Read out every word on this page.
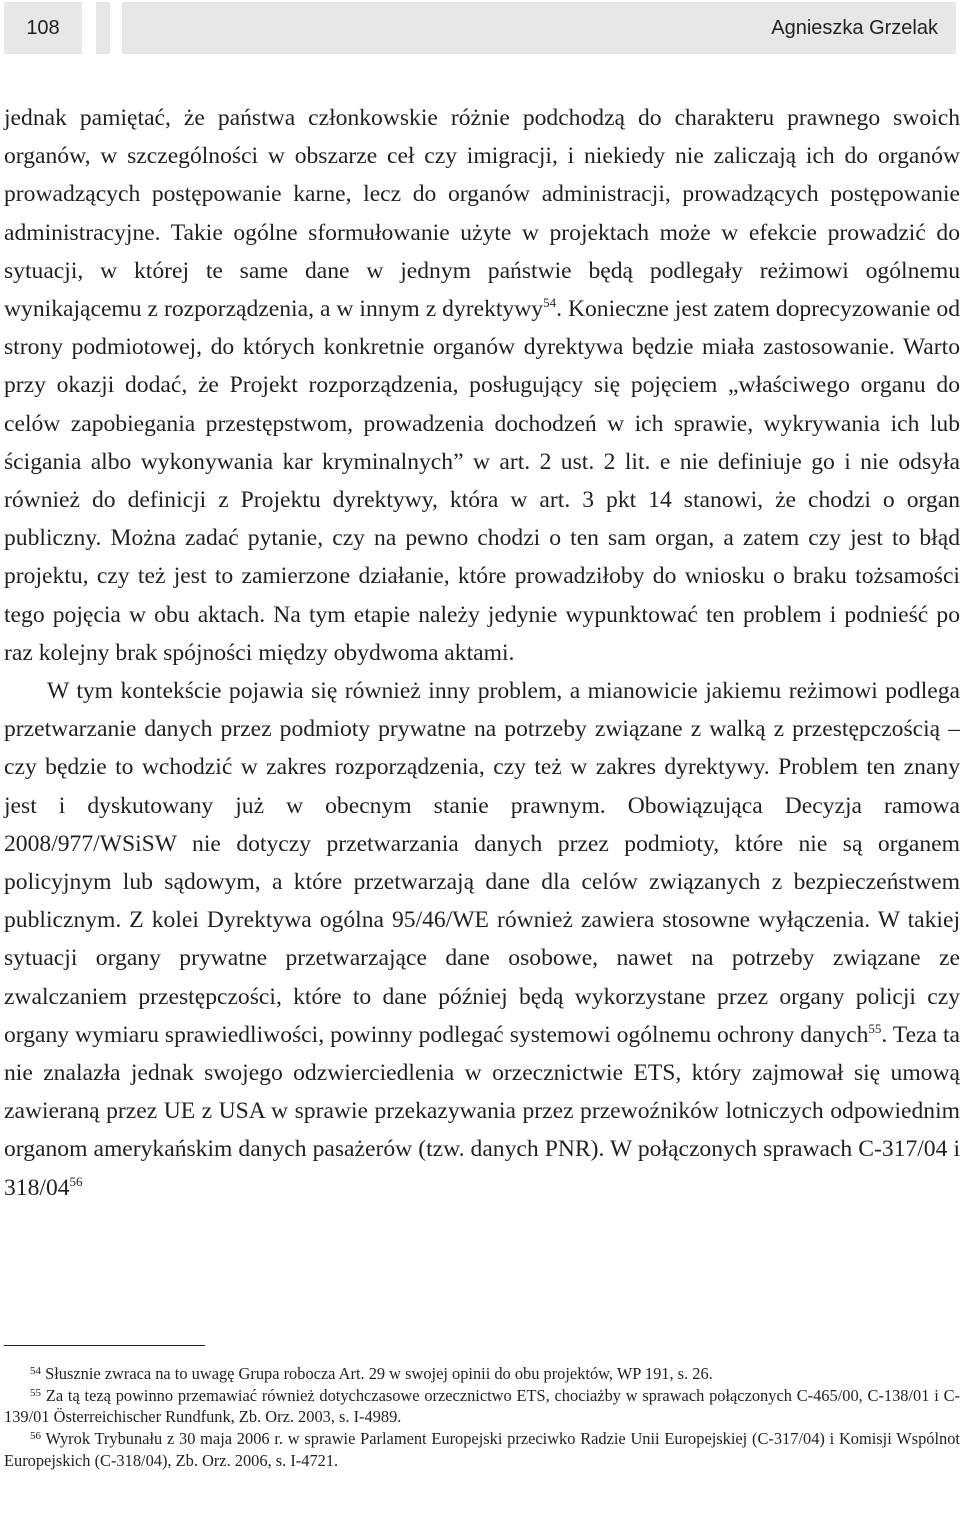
108	Agnieszka Grzelak

jednak pamiętać, że państwa członkowskie różnie podchodzą do charakteru prawnego swoich organów, w szczególności w obszarze ceł czy imigracji, i niekiedy nie zaliczają ich do organów prowadzących postępowanie karne, lecz do organów administracji, prowadzących postępowanie administracyjne. Takie ogólne sformułowanie użyte w projektach może w efekcie prowadzić do sytuacji, w której te same dane w jednym państwie będą podlegały reżimowi ogólnemu wynikającemu z rozporządzenia, a w innym z dyrektywy$^{54}$. Konieczne jest zatem doprecyzowanie od strony podmiotowej, do których konkretnie organów dyrektywa będzie miała zastosowanie. Warto przy okazji dodać, że Projekt rozporządzenia, posługujący się pojęciem „właściwego organu do celów zapobiegania przestępstwom, prowadzenia dochodzeń w ich sprawie, wykrywania ich lub ścigania albo wykonywania kar kryminalnych” w art. 2 ust. 2 lit. e nie definiuje go i nie odsyła również do definicji z Projektu dyrektywy, która w art. 3 pkt 14 stanowi, że chodzi o organ publiczny. Można zadać pytanie, czy na pewno chodzi o ten sam organ, a zatem czy jest to błąd projektu, czy też jest to zamierzone działanie, które prowadziłoby do wniosku o braku tożsamości tego pojęcia w obu aktach. Na tym etapie należy jedynie wypunktować ten problem i podnieść po raz kolejny brak spójności między obydwoma aktami.

W tym kontekście pojawia się również inny problem, a mianowicie jakiemu reżimowi podlega przetwarzanie danych przez podmioty prywatne na potrzeby związane z walką z przestępczością – czy będzie to wchodzić w zakres rozporządzenia, czy też w zakres dyrektywy. Problem ten znany jest i dyskutowany już w obecnym stanie prawnym. Obowiązująca Decyzja ramowa 2008/977/WSiSW nie dotyczy przetwarzania danych przez podmioty, które nie są organem policyjnym lub sądowym, a które przetwarzają dane dla celów związanych z bezpieczeństwem publicznym. Z kolei Dyrektywa ogólna 95/46/WE również zawiera stosowne wyłączenia. W takiej sytuacji organy prywatne przetwarzające dane osobowe, nawet na potrzeby związane ze zwalczaniem przestępczości, które to dane później będą wykorzystane przez organy policji czy organy wymiaru sprawiedliwości, powinny podlegać systemowi ogólnemu ochrony danych$^{55}$. Teza ta nie znalazła jednak swojego odzwierciedlenia w orzecznictwie ETS, który zajmował się umową zawieraną przez UE z USA w sprawie przekazywania przez przewoźników lotniczych odpowiednim organom amerykańskim danych pasażerów (tzw. danych PNR). W połączonych sprawach C-317/04 i 318/04$^{56}$

$^{54}$ Słusznie zwraca na to uwagę Grupa robocza Art. 29 w swojej opinii do obu projektów, WP 191, s. 26.

$^{55}$ Za tą tezą powinno przemawiać również dotychczasowe orzecznictwo ETS, chociażby w sprawach połączonych C-465/00, C-138/01 i C-139/01 Österreichischer Rundfunk, Zb. Orz. 2003, s. I-4989.

$^{56}$ Wyrok Trybunału z 30 maja 2006 r. w sprawie Parlament Europejski przeciwko Radzie Unii Europejskiej (C-317/04) i Komisji Wspólnot Europejskich (C-318/04), Zb. Orz. 2006, s. I-4721.
